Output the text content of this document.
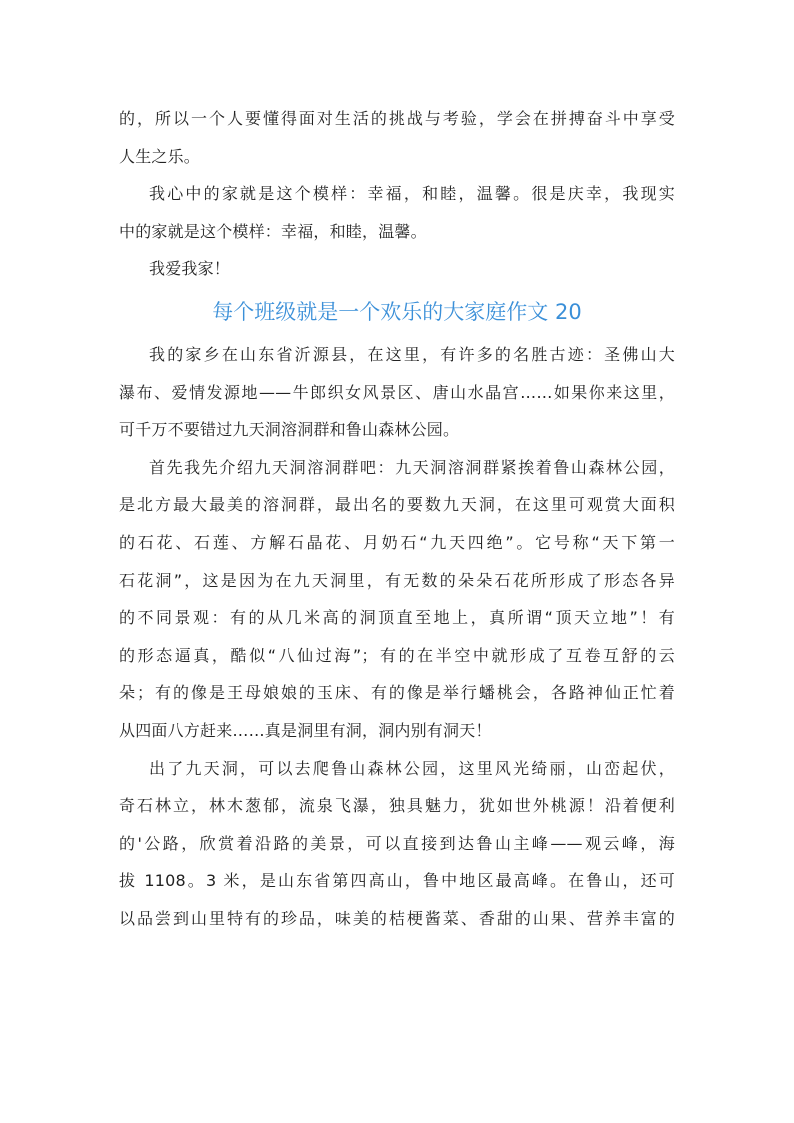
的，所以一个人要懂得面对生活的挑战与考验，学会在拼搏奋斗中享受
人生之乐。
我心中的家就是这个模样：幸福，和睦，温馨。很是庆幸，我现实
中的家就是这个模样：幸福，和睦，温馨。
我爱我家！
每个班级就是一个欢乐的大家庭作文 20
我的家乡在山东省沂源县，在这里，有许多的名胜古迹：圣佛山大
瀑布、爱情发源地——牛郎织女风景区、唐山水晶宫……如果你来这里，
可千万不要错过九天洞溶洞群和鲁山森林公园。
首先我先介绍九天洞溶洞群吧：九天洞溶洞群紧挨着鲁山森林公园，
是北方最大最美的溶洞群，最出名的要数九天洞，在这里可观赏大面积
的石花、石莲、方解石晶花、月奶石“九天四绝”。它号称“天下第一
石花洞”，这是因为在九天洞里，有无数的朵朵石花所形成了形态各异
的不同景观：有的从几米高的洞顶直至地上，真所谓“顶天立地”！有
的形态逼真，酷似“八仙过海”；有的在半空中就形成了互卷互舒的云
朵；有的像是王母娘娘的玉床、有的像是举行蟠桃会，各路神仙正忙着
从四面八方赶来……真是洞里有洞，洞内别有洞天！
出了九天洞，可以去爬鲁山森林公园，这里风光绮丽，山峦起伏，
奇石林立，林木葱郁，流泉飞瀑，独具魅力，犹如世外桃源！沿着便利
的'公路，欣赏着沿路的美景，可以直接到达鲁山主峰——观云峰，海
拔 1108。3 米，是山东省第四高山，鲁中地区最高峰。在鲁山，还可
以品尝到山里特有的珍品，味美的桔梗酱菜、香甜的山果、营养丰富的
